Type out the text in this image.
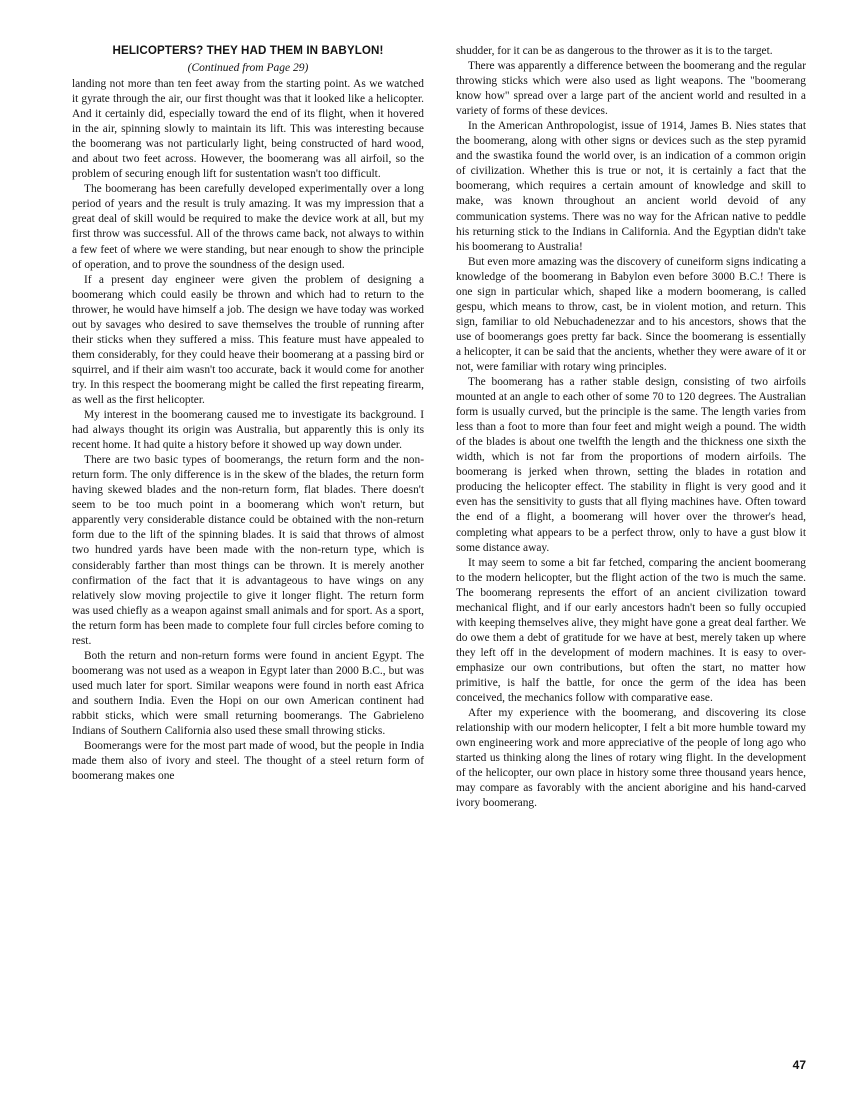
HELICOPTERS? THEY HAD THEM IN BABYLON!
(Continued from Page 29)

landing not more than ten feet away from the starting point. As we watched it gyrate through the air, our first thought was that it looked like a helicopter. And it certainly did, especially toward the end of its flight, when it hovered in the air, spinning slowly to maintain its lift. This was interesting because the boomerang was not particularly light, being constructed of hard wood, and about two feet across. However, the boomerang was all airfoil, so the problem of securing enough lift for sustentation wasn't too difficult.

The boomerang has been carefully developed experimentally over a long period of years and the result is truly amazing. It was my impression that a great deal of skill would be required to make the device work at all, but my first throw was successful. All of the throws came back, not always to within a few feet of where we were standing, but near enough to show the principle of operation, and to prove the soundness of the design used.

If a present day engineer were given the problem of designing a boomerang which could easily be thrown and which had to return to the thrower, he would have himself a job. The design we have today was worked out by savages who desired to save themselves the trouble of running after their sticks when they suffered a miss. This feature must have appealed to them considerably, for they could heave their boomerang at a passing bird or squirrel, and if their aim wasn't too accurate, back it would come for another try. In this respect the boomerang might be called the first repeating firearm, as well as the first helicopter.

My interest in the boomerang caused me to investigate its background. I had always thought its origin was Australia, but apparently this is only its recent home. It had quite a history before it showed up way down under.

There are two basic types of boomerangs, the return form and the non-return form. The only difference is in the skew of the blades, the return form having skewed blades and the non-return form, flat blades. There doesn't seem to be too much point in a boomerang which won't return, but apparently very considerable distance could be obtained with the non-return form due to the lift of the spinning blades. It is said that throws of almost two hundred yards have been made with the non-return type, which is considerably farther than most things can be thrown. It is merely another confirmation of the fact that it is advantageous to have wings on any relatively slow moving projectile to give it longer flight. The return form was used chiefly as a weapon against small animals and for sport. As a sport, the return form has been made to complete four full circles before coming to rest.

Both the return and non-return forms were found in ancient Egypt. The boomerang was not used as a weapon in Egypt later than 2000 B.C., but was used much later for sport. Similar weapons were found in north east Africa and southern India. Even the Hopi on our own American continent had rabbit sticks, which were small returning boomerangs. The Gabrieleno Indians of Southern California also used these small throwing sticks.

Boomerangs were for the most part made of wood, but the people in India made them also of ivory and steel. The thought of a steel return form of boomerang makes one

shudder, for it can be as dangerous to the thrower as it is to the target.

There was apparently a difference between the boomerang and the regular throwing sticks which were also used as light weapons. The "boomerang know how" spread over a large part of the ancient world and resulted in a variety of forms of these devices.

In the American Anthropologist, issue of 1914, James B. Nies states that the boomerang, along with other signs or devices such as the step pyramid and the swastika found the world over, is an indication of a common origin of civilization. Whether this is true or not, it is certainly a fact that the boomerang, which requires a certain amount of knowledge and skill to make, was known throughout an ancient world devoid of any communication systems. There was no way for the African native to peddle his returning stick to the Indians in California. And the Egyptian didn't take his boomerang to Australia!

But even more amazing was the discovery of cuneiform signs indicating a knowledge of the boomerang in Babylon even before 3000 B.C.! There is one sign in particular which, shaped like a modern boomerang, is called gespu, which means to throw, cast, be in violent motion, and return. This sign, familiar to old Nebuchadenezzar and to his ancestors, shows that the use of boomerangs goes pretty far back. Since the boomerang is essentially a helicopter, it can be said that the ancients, whether they were aware of it or not, were familiar with rotary wing principles.

The boomerang has a rather stable design, consisting of two airfoils mounted at an angle to each other of some 70 to 120 degrees. The Australian form is usually curved, but the principle is the same. The length varies from less than a foot to more than four feet and might weigh a pound. The width of the blades is about one twelfth the length and the thickness one sixth the width, which is not far from the proportions of modern airfoils. The boomerang is jerked when thrown, setting the blades in rotation and producing the helicopter effect. The stability in flight is very good and it even has the sensitivity to gusts that all flying machines have. Often toward the end of a flight, a boomerang will hover over the thrower's head, completing what appears to be a perfect throw, only to have a gust blow it some distance away.

It may seem to some a bit far fetched, comparing the ancient boomerang to the modern helicopter, but the flight action of the two is much the same. The boomerang represents the effort of an ancient civilization toward mechanical flight, and if our early ancestors hadn't been so fully occupied with keeping themselves alive, they might have gone a great deal farther. We do owe them a debt of gratitude for we have at best, merely taken up where they left off in the development of modern machines. It is easy to over-emphasize our own contributions, but often the start, no matter how primitive, is half the battle, for once the germ of the idea has been conceived, the mechanics follow with comparative ease.

After my experience with the boomerang, and discovering its close relationship with our modern helicopter, I felt a bit more humble toward my own engineering work and more appreciative of the people of long ago who started us thinking along the lines of rotary wing flight. In the development of the helicopter, our own place in history some three thousand years hence, may compare as favorably with the ancient aborigine and his hand-carved ivory boomerang.

47
